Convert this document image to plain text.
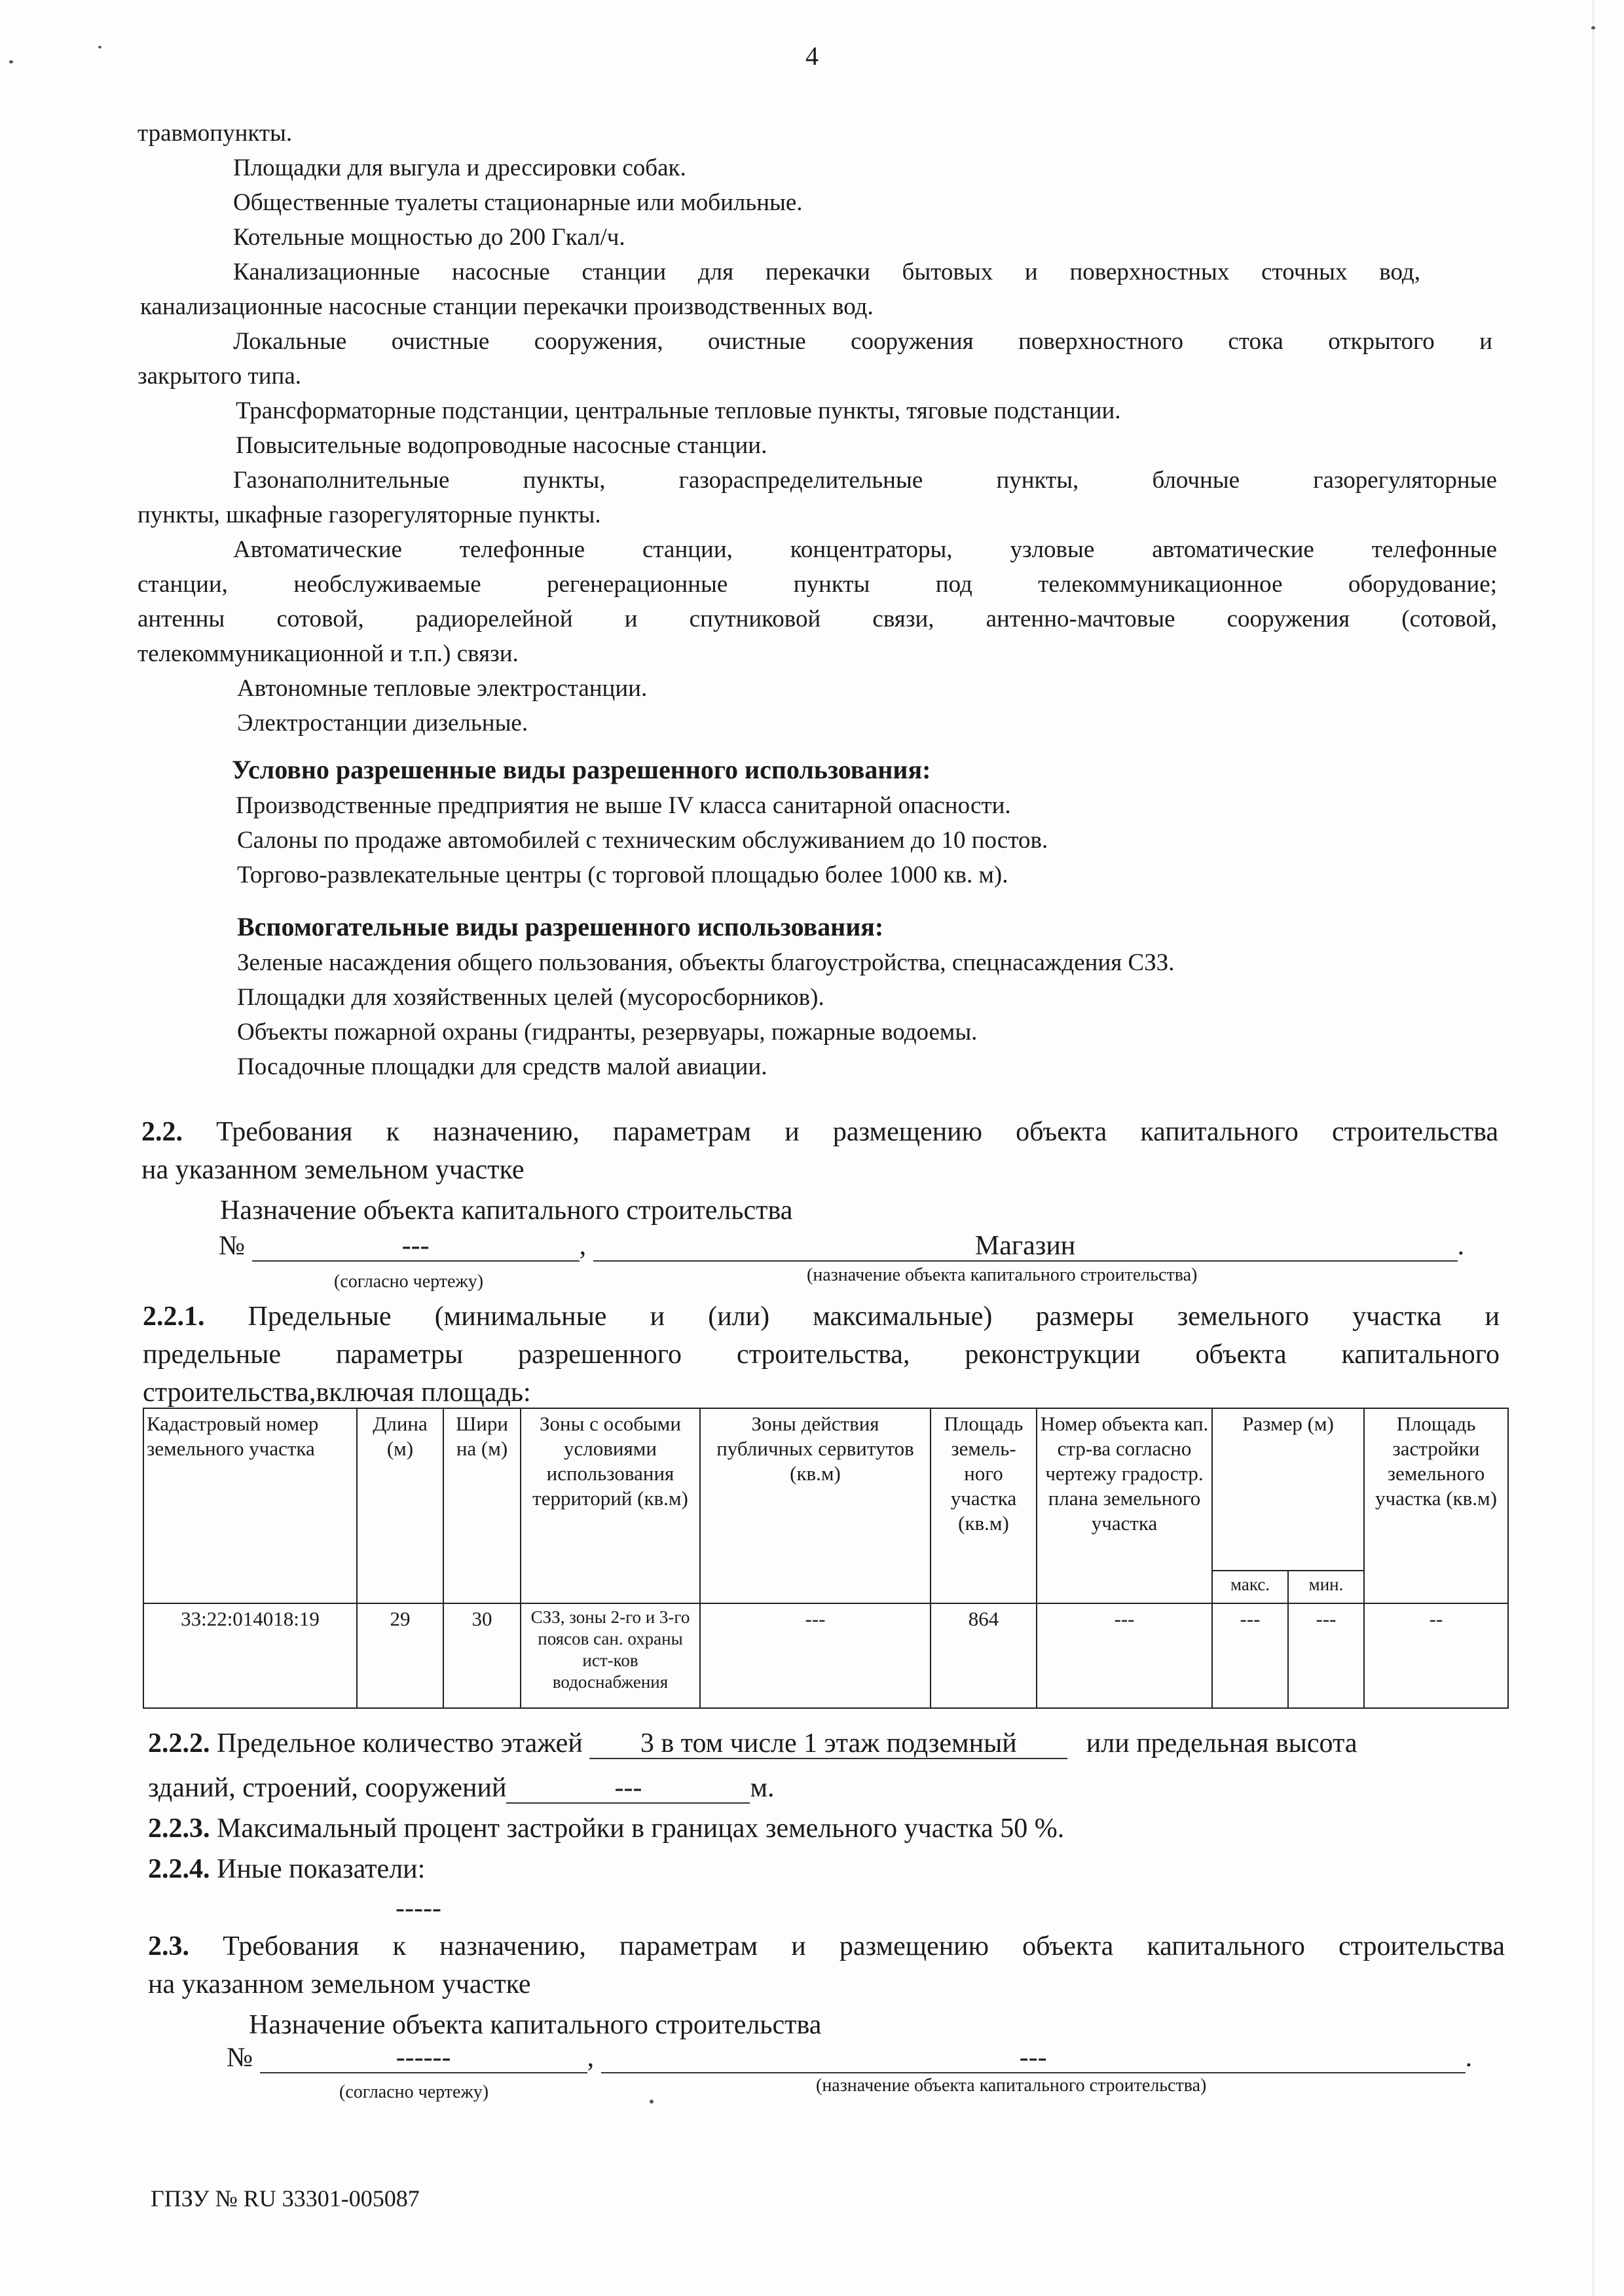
4
травмопункты.
Площадки для выгула и дрессировки собак.
Общественные туалеты стационарные или мобильные.
Котельные мощностью до 200 Гкал/ч.
Канализационные насосные станции для перекачки бытовых и поверхностных сточных вод,
канализационные насосные станции перекачки производственных вод.
Локальные очистные сооружения, очистные сооружения поверхностного стока открытого и
закрытого типа.
Трансформаторные подстанции, центральные тепловые пункты, тяговые подстанции.
Повысительные водопроводные насосные станции.
Газонаполнительные пункты, газораспределительные пункты, блочные газорегуляторные
пункты, шкафные газорегуляторные пункты.
Автоматические телефонные станции, концентраторы, узловые автоматические телефонные
станции, необслуживаемые регенерационные пункты под телекоммуникационное оборудование;
антенны сотовой, радиорелейной и спутниковой связи, антенно-мачтовые сооружения (сотовой,
телекоммуникационной и т.п.) связи.
Автономные тепловые электростанции.
Электростанции дизельные.
Условно разрешенные виды разрешенного использования:
Производственные предприятия не выше IV класса санитарной опасности.
Салоны по продаже автомобилей с техническим обслуживанием до 10 постов.
Торгово-развлекательные центры (с торговой площадью более 1000 кв. м).
Вспомогательные виды разрешенного использования:
Зеленые насаждения общего пользования, объекты благоустройства, спецнасаждения СЗЗ.
Площадки для хозяйственных целей (мусоросборников).
Объекты пожарной охраны (гидранты, резервуары, пожарные водоемы.
Посадочные площадки для средств малой авиации.
2.2. Требования к назначению, параметрам и размещению объекта капитального строительства
на указанном земельном участке
Назначение объекта капитального строительства
№	---	,	Магазин	.
(согласно чертежу)	(назначение объекта капитального строительства)
2.2.1. Предельные (минимальные и (или) максимальные) размеры земельного участка и
предельные параметры разрешенного строительства, реконструкции объекта капитального
строительства,включая площадь:
Кадастровый номер земельного участка	Длина (м)	Шири на (м)	Зоны с особыми условиями использования территорий (кв.м)	Зоны действия публичных сервитутов (кв.м)	Площадь земель-ного участка (кв.м)	Номер объекта кап. стр-ва согласно чертежу градостр. плана земельного участка	Размер (м)		Площадь застройки земельного участка (кв.м)
							макс.	мин.	
33:22:014018:19	29	30	СЗЗ, зоны 2-го и 3-го поясов сан. охраны ист-ков водоснабжения	---	864	---	---	---	--
2.2.2. Предельное количество этажей 3 в том числе 1 этаж подземный	или предельная высота
зданий, строений, сооружений	---	м.
2.2.3. Максимальный процент застройки в границах земельного участка 50 %.
2.2.4. Иные показатели:
-----
2.3. Требования к назначению, параметрам и размещению объекта капитального строительства
на указанном земельном участке
Назначение объекта капитального строительства
№	------	,	---	.
(согласно чертежу)	(назначение объекта капитального строительства)
ГПЗУ № RU 33301-005087
